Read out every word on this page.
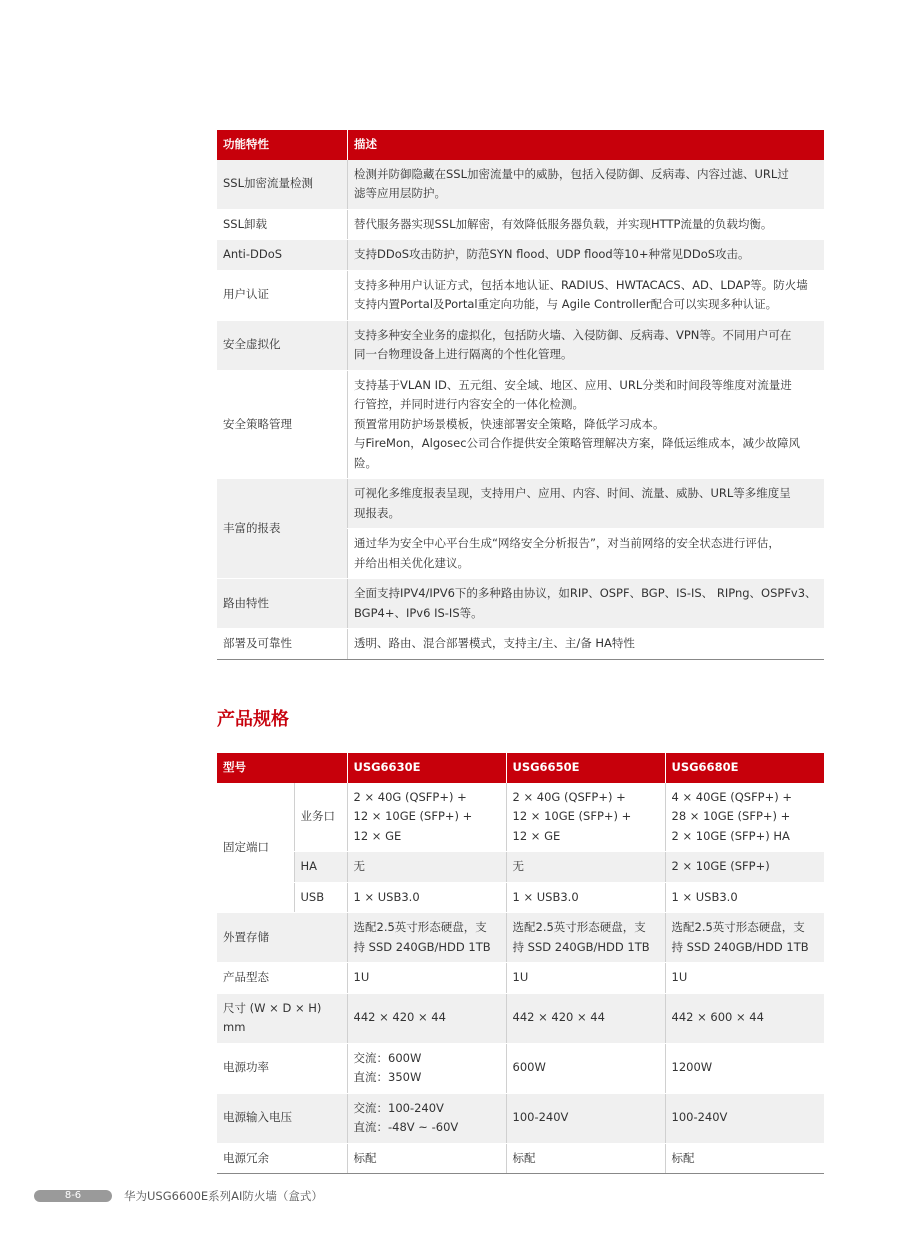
功能特性	描述
SSL加密流量检测	检测并防御隐藏在SSL加密流量中的威胁，包括入侵防御、反病毒、内容过滤、URL过
滤等应用层防护。

SSL卸载	替代服务器实现SSL加解密，有效降低服务器负载，并实现HTTP流量的负载均衡。

Anti-DDoS	支持DDoS攻击防护，防范SYN flood、UDP flood等10+种常见DDoS攻击。

用户认证	支持多种用户认证方式，包括本地认证、RADIUS、HWTACACS、AD、LDAP等。防火墙
支持内置Portal及Portal重定向功能，与 Agile Controller配合可以实现多种认证。

安全虚拟化	支持多种安全业务的虚拟化，包括防火墙、入侵防御、反病毒、VPN等。不同用户可在
同一台物理设备上进行隔离的个性化管理。

安全策略管理	支持基于VLAN ID、五元组、安全域、地区、应用、URL分类和时间段等维度对流量进
行管控，并同时进行内容安全的一体化检测。
预置常用防护场景模板，快速部署安全策略，降低学习成本。
与FireMon，Algosec公司合作提供安全策略管理解决方案，降低运维成本，减少故障风险。

丰富的报表	可视化多维度报表呈现，支持用户、应用、内容、时间、流量、威胁、URL等多维度呈
现报表。

	通过华为安全中心平台生成“网络安全分析报告”，对当前网络的安全状态进行评估，
并给出相关优化建议。

路由特性	全面支持IPV4/IPV6下的多种路由协议，如RIP、OSPF、BGP、IS-IS、 RIPng、OSPFv3、
BGP4+、IPv6 IS-IS等。

部署及可靠性	透明、路由、混合部署模式，支持主/主、主/备 HA特性
产品规格
型号		USG6630E	USG6650E	USG6680E
固定端口	业务口	2 × 40G (QSFP+) +
12 × 10GE (SFP+) +
12 × GE	2 × 40G (QSFP+) +
12 × 10GE (SFP+) +
12 × GE	4 × 40GE (QSFP+) +
28 × 10GE (SFP+) +
2 × 10GE (SFP+) HA

	HA	无	无	2 × 10GE (SFP+)
	USB	1 × USB3.0	1 × USB3.0	1 × USB3.0
外置存储		选配2.5英寸形态硬盘，支
持 SSD 240GB/HDD 1TB	选配2.5英寸形态硬盘，支
持 SSD 240GB/HDD 1TB	选配2.5英寸形态硬盘，支
持 SSD 240GB/HDD 1TB

产品型态		1U	1U	1U
尺寸 (W × D × H) mm		442 × 420 × 44	442 × 420 × 44	442 × 600 × 44
电源功率		交流：600W
直流：350W	600W	1200W
电源输入电压		交流：100-240V
直流：-48V ~ -60V	100-240V	100-240V
电源冗余		标配	标配	标配
8-6	华为USG6600E系列AI防火墙（盒式）
